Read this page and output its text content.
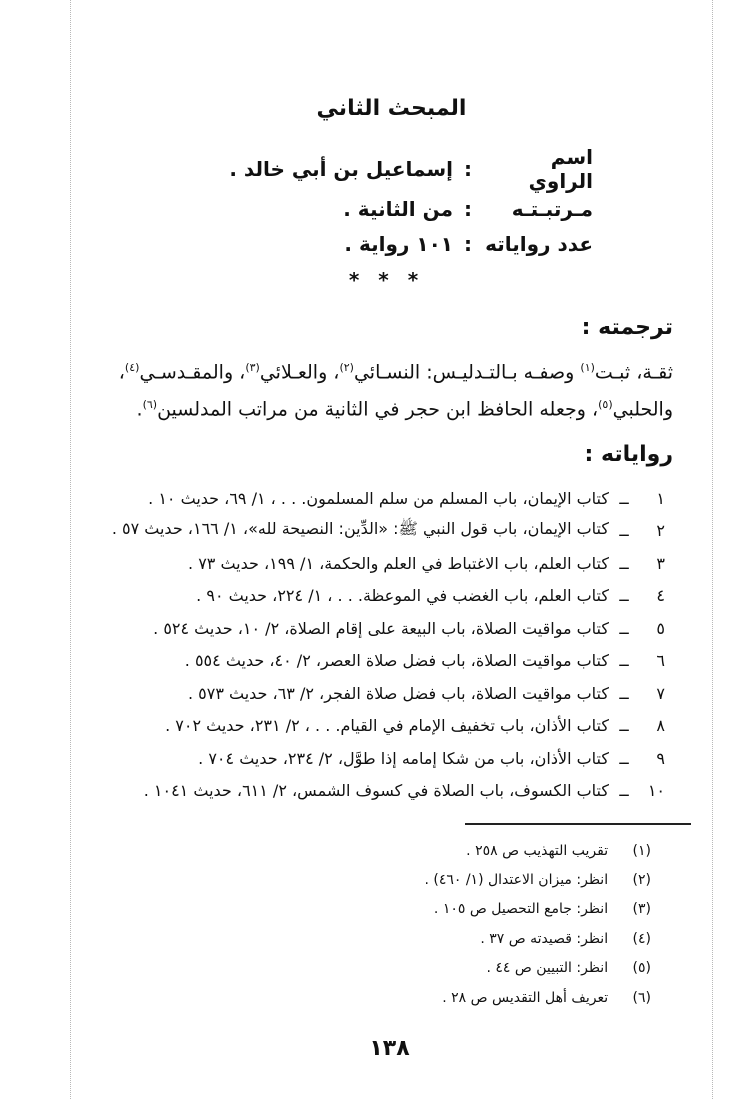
المبحث الثاني
اسم الراوي
:
إسماعيل بن أبي خالد .
مـرتبـتـه
:
من الثانية .
عدد رواياته
:
١٠١ رواية .
* * *
ترجمته :
ثقـة، ثبـت$^{(١)}$ وصفـه بـالتـدليـس: النسـائي$^{(٢)}$، والعـلائي$^{(٣)}$، والمقـدسـي$^{(٤)}$،
والحلبي$^{(٥)}$، وجعله الحافظ ابن حجر في الثانية من مراتب المدلسين$^{(٦)}$.
رواياته :
١
ــ
كتاب الإيمان، باب المسلم من سلم المسلمون. . . ، ١/ ٦٩، حديث ١٠ .
٢
ــ
كتاب الإيمان، باب قول النبي ﷺ: «الدِّين: النصيحة لله»، ١/ ١٦٦، حديث ٥٧ .
٣
ــ
كتاب العلم، باب الاغتباط في العلم والحكمة، ١/ ١٩٩، حديث ٧٣ .
٤
ــ
كتاب العلم، باب الغضب في الموعظة. . . ، ١/ ٢٢٤، حديث ٩٠ .
٥
ــ
كتاب مواقيت الصلاة، باب البيعة على إقام الصلاة، ٢/ ١٠، حديث ٥٢٤ .
٦
ــ
كتاب مواقيت الصلاة، باب فضل صلاة العصر، ٢/ ٤٠، حديث ٥٥٤ .
٧
ــ
كتاب مواقيت الصلاة، باب فضل صلاة الفجر، ٢/ ٦٣، حديث ٥٧٣ .
٨
ــ
كتاب الأذان، باب تخفيف الإمام في القيام. . . ، ٢/ ٢٣١، حديث ٧٠٢ .
٩
ــ
كتاب الأذان، باب من شكا إمامه إذا طوَّل، ٢/ ٢٣٤، حديث ٧٠٤ .
١٠
ــ
كتاب الكسوف، باب الصلاة في كسوف الشمس، ٢/ ٦١١، حديث ١٠٤١ .
(١)

تقريب التهذيب ص ٢٥٨ .
(٢)

انظر: ميزان الاعتدال (١/ ٤٦٠) .
(٣)

انظر: جامع التحصيل ص ١٠٥ .
(٤)

انظر: قصيدته ص ٣٧ .
(٥)

انظر: التبيين ص ٤٤ .
(٦)

تعريف أهل التقديس ص ٢٨ .
١٣٨
